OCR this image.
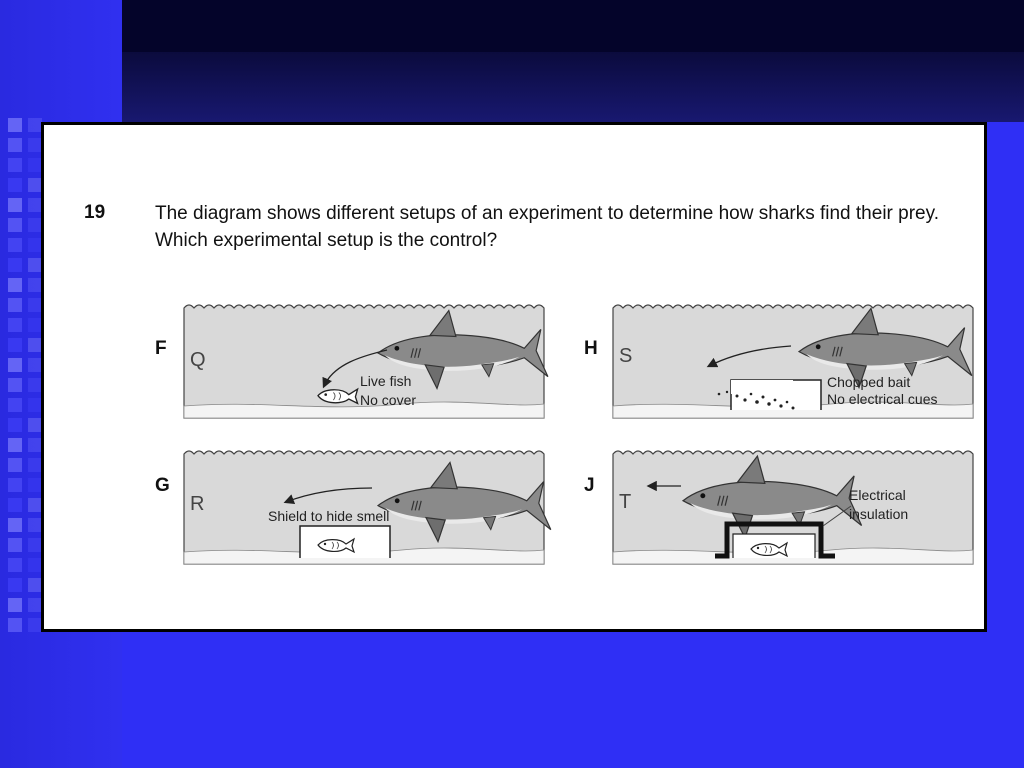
19	The diagram shows different setups of an experiment to determine how sharks find their prey. Which experimental setup is the control?
F
G
H
J
Q
Live fish
No cover
S
Chopped bait
No electrical cues
R
Shield to hide smell
T	Electrical
insulation
